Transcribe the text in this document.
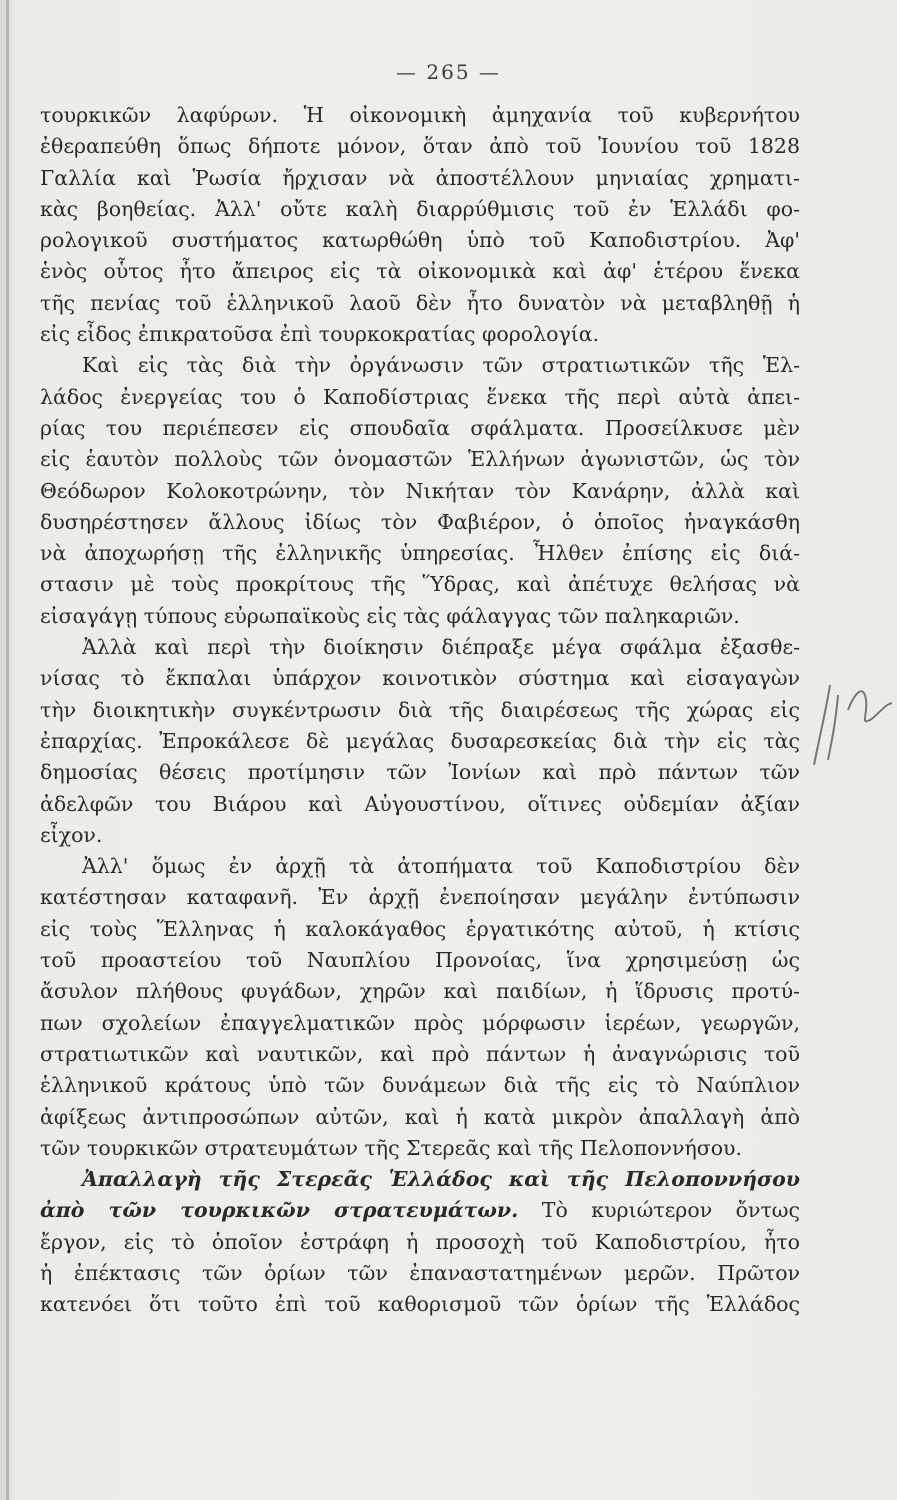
— 265 —
τουρκικῶν λαφύρων. Ἡ οἰκονομικὴ ἀμηχανία τοῦ κυβερνήτου
ἐθεραπεύθη ὅπως δήποτε μόνον, ὅταν ἀπὸ τοῦ Ἰουνίου τοῦ 1828
Γαλλία καὶ Ῥωσία ἤρχισαν νὰ ἀποστέλλουν μηνιαίας χρηματι-
κὰς βοηθείας. Ἀλλ' οὔτε καλὴ διαρρύθμισις τοῦ ἐν Ἑλλάδι φο-
ρολογικοῦ συστήματος κατωρθώθη ὑπὸ τοῦ Καποδιστρίου. Ἀφ'
ἑνὸς οὗτος ἦτο ἄπειρος εἰς τὰ οἰκονομικὰ καὶ ἀφ' ἑτέρου ἕνεκα
τῆς πενίας τοῦ ἑλληνικοῦ λαοῦ δὲν ἦτο δυνατὸν νὰ μεταβληθῇ ἡ
εἰς εἶδος ἐπικρατοῦσα ἐπὶ τουρκοκρατίας φορολογία.
Καὶ εἰς τὰς διὰ τὴν ὀργάνωσιν τῶν στρατιωτικῶν τῆς Ἑλ-
λάδος ἐνεργείας του ὁ Καποδίστριας ἕνεκα τῆς περὶ αὐτὰ ἀπει-
ρίας του περιέπεσεν εἰς σπουδαῖα σφάλματα. Προσείλκυσε μὲν
εἰς ἑαυτὸν πολλοὺς τῶν ὀνομαστῶν Ἑλλήνων ἀγωνιστῶν, ὡς τὸν
Θεόδωρον Κολοκοτρώνην, τὸν Νικήταν τὸν Κανάρην, ἀλλὰ καὶ
δυσηρέστησεν ἄλλους ἰδίως τὸν Φαβιέρον, ὁ ὁποῖος ἠναγκάσθη
νὰ ἀποχωρήσῃ τῆς ἑλληνικῆς ὑπηρεσίας. Ἦλθεν ἐπίσης εἰς διά-
στασιν μὲ τοὺς προκρίτους τῆς Ὕδρας, καὶ ἀπέτυχε θελήσας νὰ
εἰσαγάγῃ τύπους εὐρωπαϊκοὺς εἰς τὰς φάλαγγας τῶν παληκαριῶν.
Ἀλλὰ καὶ περὶ τὴν διοίκησιν διέπραξε μέγα σφάλμα ἐξασθε-
νίσας τὸ ἔκπαλαι ὑπάρχον κοινοτικὸν σύστημα καὶ εἰσαγαγὼν
τὴν διοικητικὴν συγκέντρωσιν διὰ τῆς διαιρέσεως τῆς χώρας εἰς
ἐπαρχίας. Ἐπροκάλεσε δὲ μεγάλας δυσαρεσκείας διὰ τὴν εἰς τὰς
δημοσίας θέσεις προτίμησιν τῶν Ἰονίων καὶ πρὸ πάντων τῶν
ἀδελφῶν του Βιάρου καὶ Αὐγουστίνου, οἵτινες οὐδεμίαν ἀξίαν
εἶχον.
Ἀλλ' ὅμως ἐν ἀρχῇ τὰ ἀτοπήματα τοῦ Καποδιστρίου δὲν
κατέστησαν καταφανῆ. Ἐν ἀρχῇ ἐνεποίησαν μεγάλην ἐντύπωσιν
εἰς τοὺς Ἕλληνας ἡ καλοκάγαθος ἐργατικότης αὐτοῦ, ἡ κτίσις
τοῦ προαστείου τοῦ Ναυπλίου Προνοίας, ἵνα χρησιμεύσῃ ὡς
ἄσυλον πλήθους φυγάδων, χηρῶν καὶ παιδίων, ἡ ἵδρυσις προτύ-
πων σχολείων ἐπαγγελματικῶν πρὸς μόρφωσιν ἱερέων, γεωργῶν,
στρατιωτικῶν καὶ ναυτικῶν, καὶ πρὸ πάντων ἡ ἀναγνώρισις τοῦ
ἑλληνικοῦ κράτους ὑπὸ τῶν δυνάμεων διὰ τῆς εἰς τὸ Ναύπλιον
ἀφίξεως ἀντιπροσώπων αὐτῶν, καὶ ἡ κατὰ μικρὸν ἀπαλλαγὴ ἀπὸ
τῶν τουρκικῶν στρατευμάτων τῆς Στερεᾶς καὶ τῆς Πελοποννήσου.
Ἀπαλλαγὴ τῆς Στερεᾶς Ἑλλάδος καὶ τῆς Πελοποννήσου
ἀπὸ τῶν τουρκικῶν στρατευμάτων. Τὸ κυριώτερον ὄντως
ἔργον, εἰς τὸ ὁποῖον ἐστράφη ἡ προσοχὴ τοῦ Καποδιστρίου, ἦτο
ἡ ἐπέκτασις τῶν ὁρίων τῶν ἐπαναστατημένων μερῶν. Πρῶτον
κατενόει ὅτι τοῦτο ἐπὶ τοῦ καθορισμοῦ τῶν ὁρίων τῆς Ἑλλάδος
